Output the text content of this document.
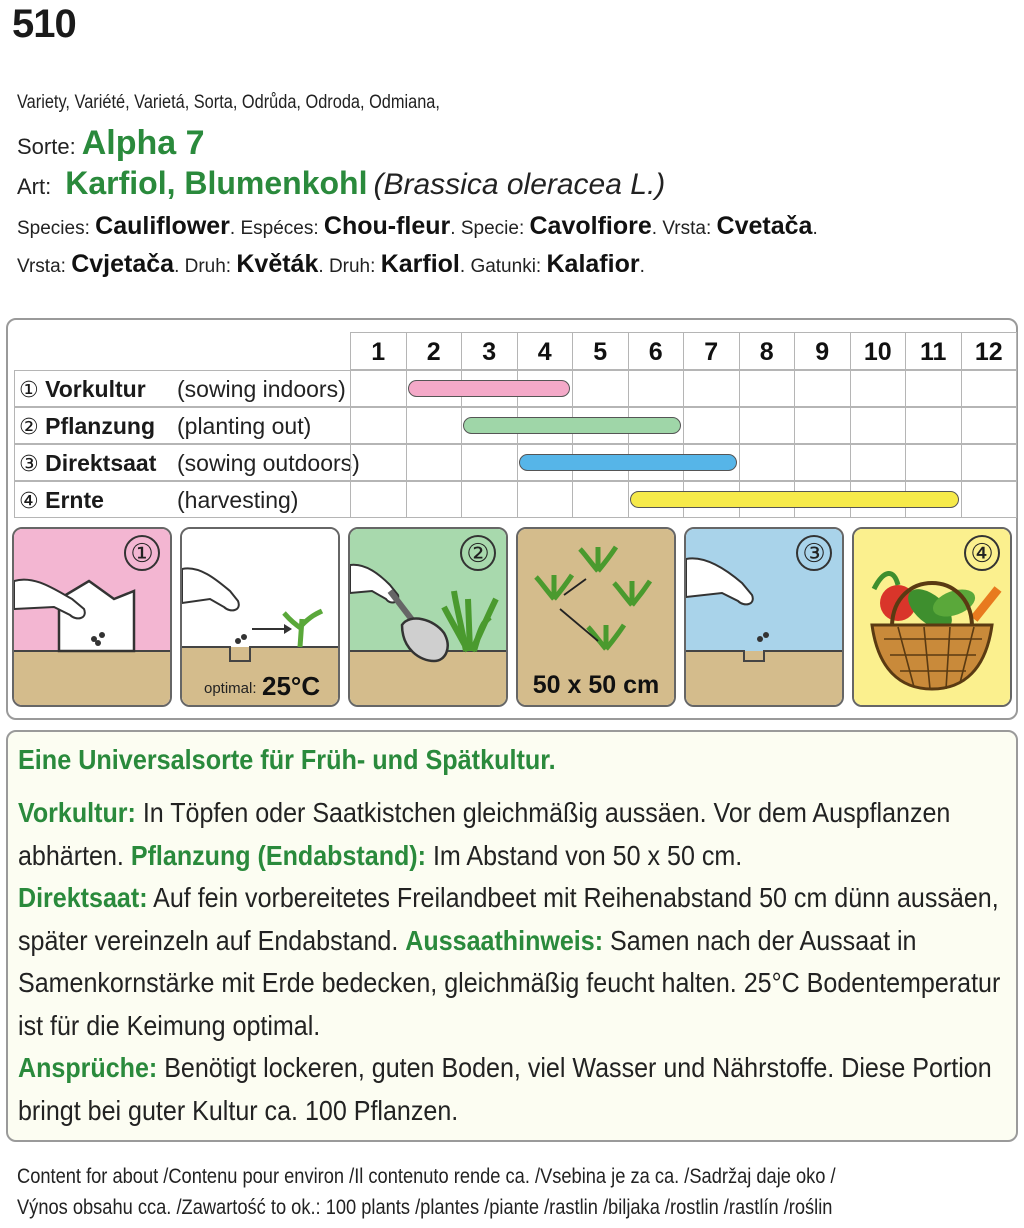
510
Variety, Variété, Varietá, Sorta, Odrůda, Odroda, Odmiana,
Sorte: Alpha 7
Art: Karfiol, Blumenkohl (Brassica oleracea L.)
Species: Cauliflower. Espéces: Chou-fleur. Specie: Cavolfiore. Vrsta: Cvetača.
Vrsta: Cvjetača. Druh: Květák. Druh: Karfiol. Gatunki: Kalafior.
1	2	3	4	5	6	7	8	9	10	11	12
① Vorkultur (sowing indoors)
② Pflanzung (planting out)
③ Direktsaat (sowing outdoors)
④ Ernte	(harvesting)
①
optimal: 25°C
②
50 x 50 cm
③	④
Eine Universalsorte für Früh- und Spätkultur.
Vorkultur: In Töpfen oder Saatkistchen gleichmäßig aussäen. Vor dem Auspflanzen abhärten. Pflanzung (Endabstand): Im Abstand von 50 x 50 cm.
Direktsaat: Auf fein vorbereitetes Freilandbeet mit Reihenabstand 50 cm dünn aussäen, später vereinzeln auf Endabstand. Aussaathinweis: Samen nach der Aussaat in Samenkornstärke mit Erde bedecken, gleichmäßig feucht halten. 25°C Bodentemperatur ist für die Keimung optimal.
Ansprüche: Benötigt lockeren, guten Boden, viel Wasser und Nährstoffe. Diese Portion bringt bei guter Kultur ca. 100 Pflanzen.
Content for about /Contenu pour environ /Il contenuto rende ca. /Vsebina je za ca. /Sadržaj daje oko /
Výnos obsahu cca. /Zawartość to ok.: 100 plants /plantes /piante /rastlin /biljaka /rostlin /rastlín /roślin
